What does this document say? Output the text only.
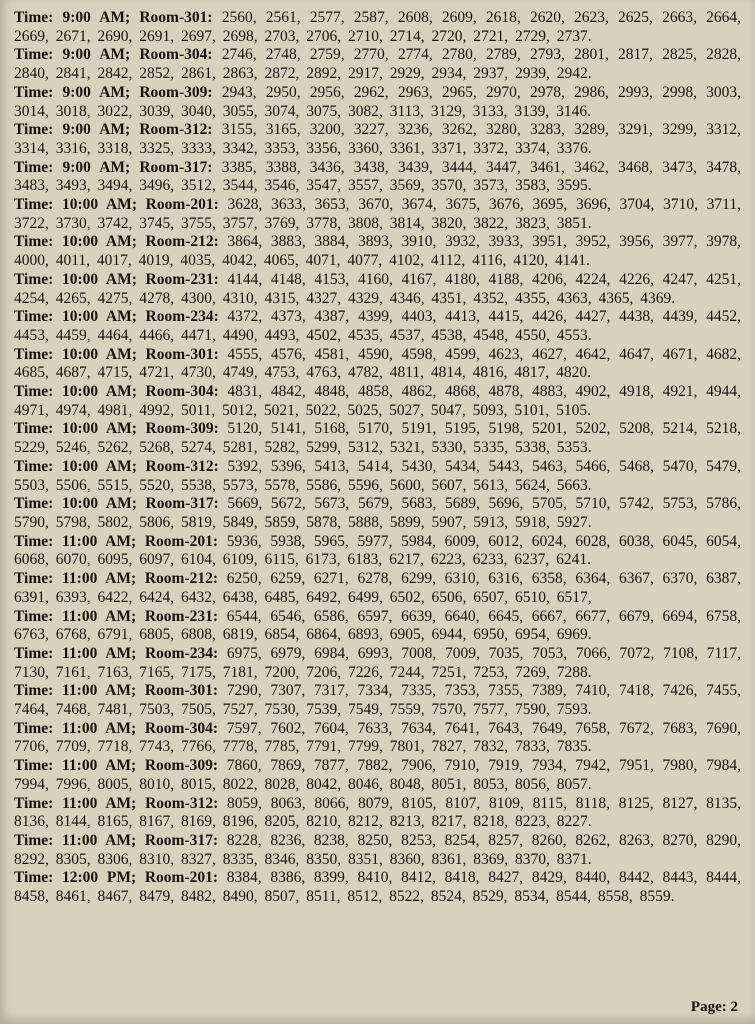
Time: 9:00 AM; Room-301: 2560, 2561, 2577, 2587, 2608, 2609, 2618, 2620, 2623, 2625, 2663, 2664, 2669, 2671, 2690, 2691, 2697, 2698, 2703, 2706, 2710, 2714, 2720, 2721, 2729, 2737.

Time: 9:00 AM; Room-304: 2746, 2748, 2759, 2770, 2774, 2780, 2789, 2793, 2801, 2817, 2825, 2828, 2840, 2841, 2842, 2852, 2861, 2863, 2872, 2892, 2917, 2929, 2934, 2937, 2939, 2942.

Time: 9:00 AM; Room-309: 2943, 2950, 2956, 2962, 2963, 2965, 2970, 2978, 2986, 2993, 2998, 3003, 3014, 3018, 3022, 3039, 3040, 3055, 3074, 3075, 3082, 3113, 3129, 3133, 3139, 3146.

Time: 9:00 AM; Room-312: 3155, 3165, 3200, 3227, 3236, 3262, 3280, 3283, 3289, 3291, 3299, 3312, 3314, 3316, 3318, 3325, 3333, 3342, 3353, 3356, 3360, 3361, 3371, 3372, 3374, 3376.

Time: 9:00 AM; Room-317: 3385, 3388, 3436, 3438, 3439, 3444, 3447, 3461, 3462, 3468, 3473, 3478, 3483, 3493, 3494, 3496, 3512, 3544, 3546, 3547, 3557, 3569, 3570, 3573, 3583, 3595.

Time: 10:00 AM; Room-201: 3628, 3633, 3653, 3670, 3674, 3675, 3676, 3695, 3696, 3704, 3710, 3711, 3722, 3730, 3742, 3745, 3755, 3757, 3769, 3778, 3808, 3814, 3820, 3822, 3823, 3851.

Time: 10:00 AM; Room-212: 3864, 3883, 3884, 3893, 3910, 3932, 3933, 3951, 3952, 3956, 3977, 3978, 4000, 4011, 4017, 4019, 4035, 4042, 4065, 4071, 4077, 4102, 4112, 4116, 4120, 4141.

Time: 10:00 AM; Room-231: 4144, 4148, 4153, 4160, 4167, 4180, 4188, 4206, 4224, 4226, 4247, 4251, 4254, 4265, 4275, 4278, 4300, 4310, 4315, 4327, 4329, 4346, 4351, 4352, 4355, 4363, 4365, 4369.

Time: 10:00 AM; Room-234: 4372, 4373, 4387, 4399, 4403, 4413, 4415, 4426, 4427, 4438, 4439, 4452, 4453, 4459, 4464, 4466, 4471, 4490, 4493, 4502, 4535, 4537, 4538, 4548, 4550, 4553.

Time: 10:00 AM; Room-301: 4555, 4576, 4581, 4590, 4598, 4599, 4623, 4627, 4642, 4647, 4671, 4682, 4685, 4687, 4715, 4721, 4730, 4749, 4753, 4763, 4782, 4811, 4814, 4816, 4817, 4820.

Time: 10:00 AM; Room-304: 4831, 4842, 4848, 4858, 4862, 4868, 4878, 4883, 4902, 4918, 4921, 4944, 4971, 4974, 4981, 4992, 5011, 5012, 5021, 5022, 5025, 5027, 5047, 5093, 5101, 5105.

Time: 10:00 AM; Room-309: 5120, 5141, 5168, 5170, 5191, 5195, 5198, 5201, 5202, 5208, 5214, 5218, 5229, 5246, 5262, 5268, 5274, 5281, 5282, 5299, 5312, 5321, 5330, 5335, 5338, 5353.

Time: 10:00 AM; Room-312: 5392, 5396, 5413, 5414, 5430, 5434, 5443, 5463, 5466, 5468, 5470, 5479, 5503, 5506, 5515, 5520, 5538, 5573, 5578, 5586, 5596, 5600, 5607, 5613, 5624, 5663.

Time: 10:00 AM; Room-317: 5669, 5672, 5673, 5679, 5683, 5689, 5696, 5705, 5710, 5742, 5753, 5786, 5790, 5798, 5802, 5806, 5819, 5849, 5859, 5878, 5888, 5899, 5907, 5913, 5918, 5927.

Time: 11:00 AM; Room-201: 5936, 5938, 5965, 5977, 5984, 6009, 6012, 6024, 6028, 6038, 6045, 6054, 6068, 6070, 6095, 6097, 6104, 6109, 6115, 6173, 6183, 6217, 6223, 6233, 6237, 6241.

Time: 11:00 AM; Room-212: 6250, 6259, 6271, 6278, 6299, 6310, 6316, 6358, 6364, 6367, 6370, 6387, 6391, 6393, 6422, 6424, 6432, 6438, 6485, 6492, 6499, 6502, 6506, 6507, 6510, 6517,

Time: 11:00 AM; Room-231: 6544, 6546, 6586, 6597, 6639, 6640, 6645, 6667, 6677, 6679, 6694, 6758, 6763, 6768, 6791, 6805, 6808, 6819, 6854, 6864, 6893, 6905, 6944, 6950, 6954, 6969.

Time: 11:00 AM; Room-234: 6975, 6979, 6984, 6993, 7008, 7009, 7035, 7053, 7066, 7072, 7108, 7117, 7130, 7161, 7163, 7165, 7175, 7181, 7200, 7206, 7226, 7244, 7251, 7253, 7269, 7288.

Time: 11:00 AM; Room-301: 7290, 7307, 7317, 7334, 7335, 7353, 7355, 7389, 7410, 7418, 7426, 7455, 7464, 7468, 7481, 7503, 7505, 7527, 7530, 7539, 7549, 7559, 7570, 7577, 7590, 7593.

Time: 11:00 AM; Room-304: 7597, 7602, 7604, 7633, 7634, 7641, 7643, 7649, 7658, 7672, 7683, 7690, 7706, 7709, 7718, 7743, 7766, 7778, 7785, 7791, 7799, 7801, 7827, 7832, 7833, 7835.

Time: 11:00 AM; Room-309: 7860, 7869, 7877, 7882, 7906, 7910, 7919, 7934, 7942, 7951, 7980, 7984, 7994, 7996, 8005, 8010, 8015, 8022, 8028, 8042, 8046, 8048, 8051, 8053, 8056, 8057.

Time: 11:00 AM; Room-312: 8059, 8063, 8066, 8079, 8105, 8107, 8109, 8115, 8118, 8125, 8127, 8135, 8136, 8144, 8165, 8167, 8169, 8196, 8205, 8210, 8212, 8213, 8217, 8218, 8223, 8227.

Time: 11:00 AM; Room-317: 8228, 8236, 8238, 8250, 8253, 8254, 8257, 8260, 8262, 8263, 8270, 8290, 8292, 8305, 8306, 8310, 8327, 8335, 8346, 8350, 8351, 8360, 8361, 8369, 8370, 8371.

Time: 12:00 PM; Room-201: 8384, 8386, 8399, 8410, 8412, 8418, 8427, 8429, 8440, 8442, 8443, 8444, 8458, 8461, 8467, 8479, 8482, 8490, 8507, 8511, 8512, 8522, 8524, 8529, 8534, 8544, 8558, 8559.

Page: 2
